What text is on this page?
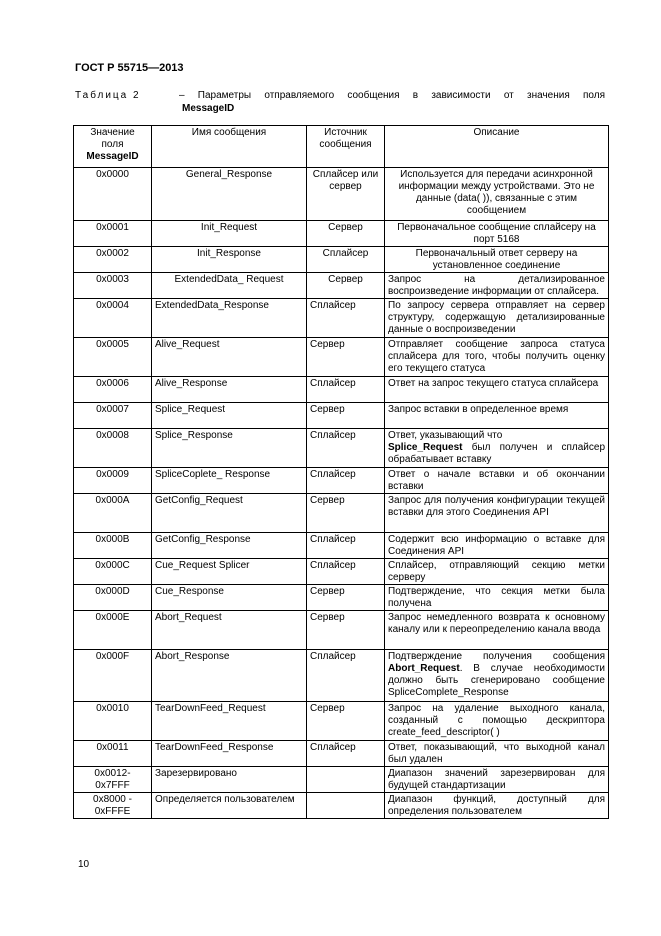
ГОСТ Р 55715—2013
Таблица 2	– Параметры отправляемого сообщения в зависимости от значения поля
MessageID
Значение
поля
MessageID	Имя сообщения	Источник сообщения	Описание
0x0000	General_Response	Сплайсер или сервер	Используется для передачи асинхронной информации между устройствами. Это не данные (data( )), связанные с этим сообщением
0x0001	Init_Request	Сервер	Первоначальное сообщение сплайсеру на порт 5168
0x0002	Init_Response	Сплайсер	Первоначальный ответ серверу на установленное соединение
0x0003	ExtendedData_ Request	Сервер	Запрос на детализированное воспроизведение информации от сплайсера.
0x0004	ExtendedData_Response	Сплайсер	По запросу сервера отправляет на сервер структуру, содержащую детализированные данные о воспроизведении
0x0005	Alive_Request	Сервер	Отправляет сообщение запроса статуса сплайсера для того, чтобы получить оценку его текущего статуса
0x0006	Alive_Response	Сплайсер	Ответ на запрос текущего статуса сплайсера
0x0007	Splice_Request	Сервер	Запрос вставки в определенное время
0x0008	Splice_Response	Сплайсер	Ответ, указывающий что
Splice_Request был получен и сплайсер обрабатывает вставку
0x0009	SpliceCoplete_ Response	Сплайсер	Ответ о начале вставки и об окончании вставки
0x000A	GetConfig_Request	Сервер	Запрос для получения конфигурации текущей вставки для этого Соединения API
0x000B	GetConfig_Response	Сплайсер	Содержит всю информацию о вставке для Соединения API
0x000C	Cue_Request Splicer	Сплайсер	Сплайсер, отправляющий секцию метки серверу
0x000D	Cue_Response	Сервер	Подтверждение, что секция метки была получена
0x000E	Abort_Request	Сервер	Запрос немедленного возврата к основному каналу или к переопределению канала ввода
0x000F	Abort_Response	Сплайсер	Подтверждение получения сообщения Abort_Request. В случае необходимости должно быть сгенерировано сообщение SpliceComplete_Response
0x0010	TearDownFeed_Request	Сервер	Запрос на удаление выходного канала, созданный с помощью дескриптора create_feed_descriptor( )
0x0011	TearDownFeed_Response	Сплайсер	Ответ, показывающий, что выходной канал был удален
0x0012- 0x7FFF	Зарезервировано		Диапазон значений зарезервирован для будущей стандартизации
0x8000 - 0xFFFE	Определяется пользователем		Диапазон функций, доступный для определения пользователем
10
